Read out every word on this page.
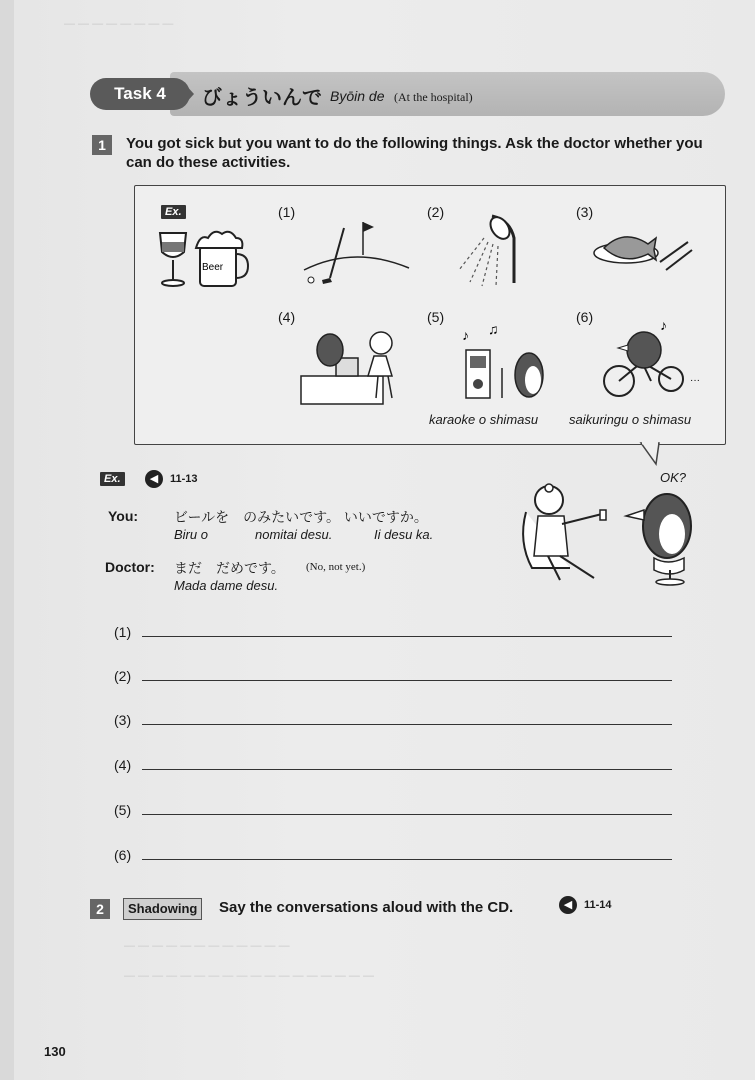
— — — — — — — —
Task 4	びょういんで Byōin de (At the hospital)
1	You got sick but you want to do the following things. Ask the doctor whether you can do these activities.
Beer
♪ ♫	♪
···
Ex.	(1)	(2)	(3)
(4)	(5)	(6)
karaoke o shimasu saikuringu o shimasu
Ex.	◀	11-13
You:	ビールを　のみたいです。 いいですか。
Biru o	nomitai desu.	Ii desu ka.
Doctor: まだ　だめです。 (No, not yet.)
Mada dame desu.
OK?
(1)
(2)
(3)
(4)
(5)
(6)
2	Shadowing	Say the conversations aloud with the CD.	◀	11-14
— — — — — — — — — — — —
— — — — — — — — — — — — — — — — — —
130
